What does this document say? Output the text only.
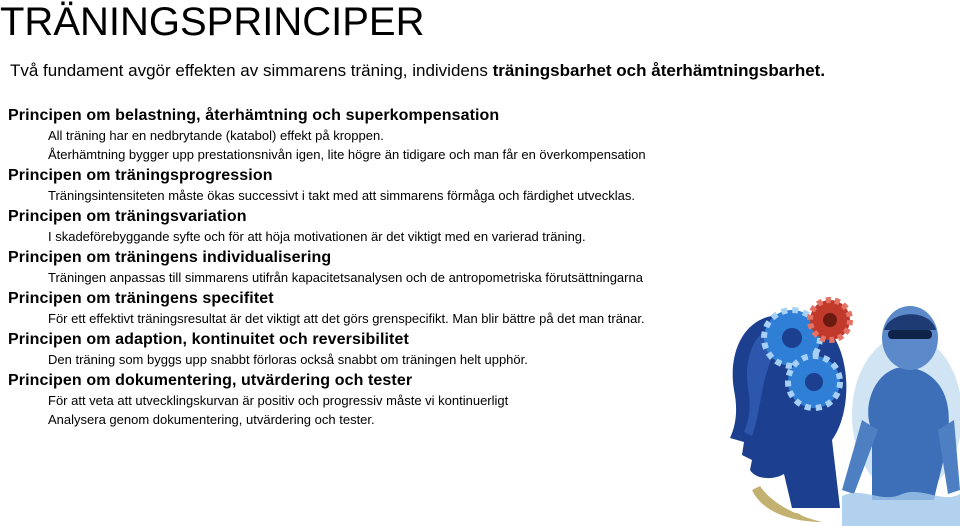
TRÄNINGSPRINCIPER
Två fundament avgör effekten av simmarens träning, individens träningsbarhet och återhämtningsbarhet.

Principen om belastning, återhämtning och superkompensation

All träning har en nedbrytande (katabol) effekt på kroppen.

Återhämtning bygger upp prestationsnivån igen, lite högre än tidigare och man får en överkompensation

Principen om träningsprogression

Träningsintensiteten måste ökas successivt i takt med att simmarens förmåga och färdighet utvecklas.

Principen om träningsvariation

I skadeförebyggande syfte och för att höja motivationen är det viktigt med en varierad träning.

Principen om träningens individualisering

Träningen anpassas till simmarens utifrån kapacitetsanalysen och de antropometriska förutsättningarna

Principen om träningens specifitet

För ett effektivt träningsresultat är det viktigt att det görs grenspecifikt. Man blir bättre på det man tränar.

Principen om adaption, kontinuitet och reversibilitet

Den träning som byggs upp snabbt förloras också snabbt om träningen helt upphör.

Principen om dokumentering, utvärdering och tester

För att veta att utvecklingskurvan är positiv och progressiv måste vi kontinuerligt

Analysera genom dokumentering, utvärdering och tester.
